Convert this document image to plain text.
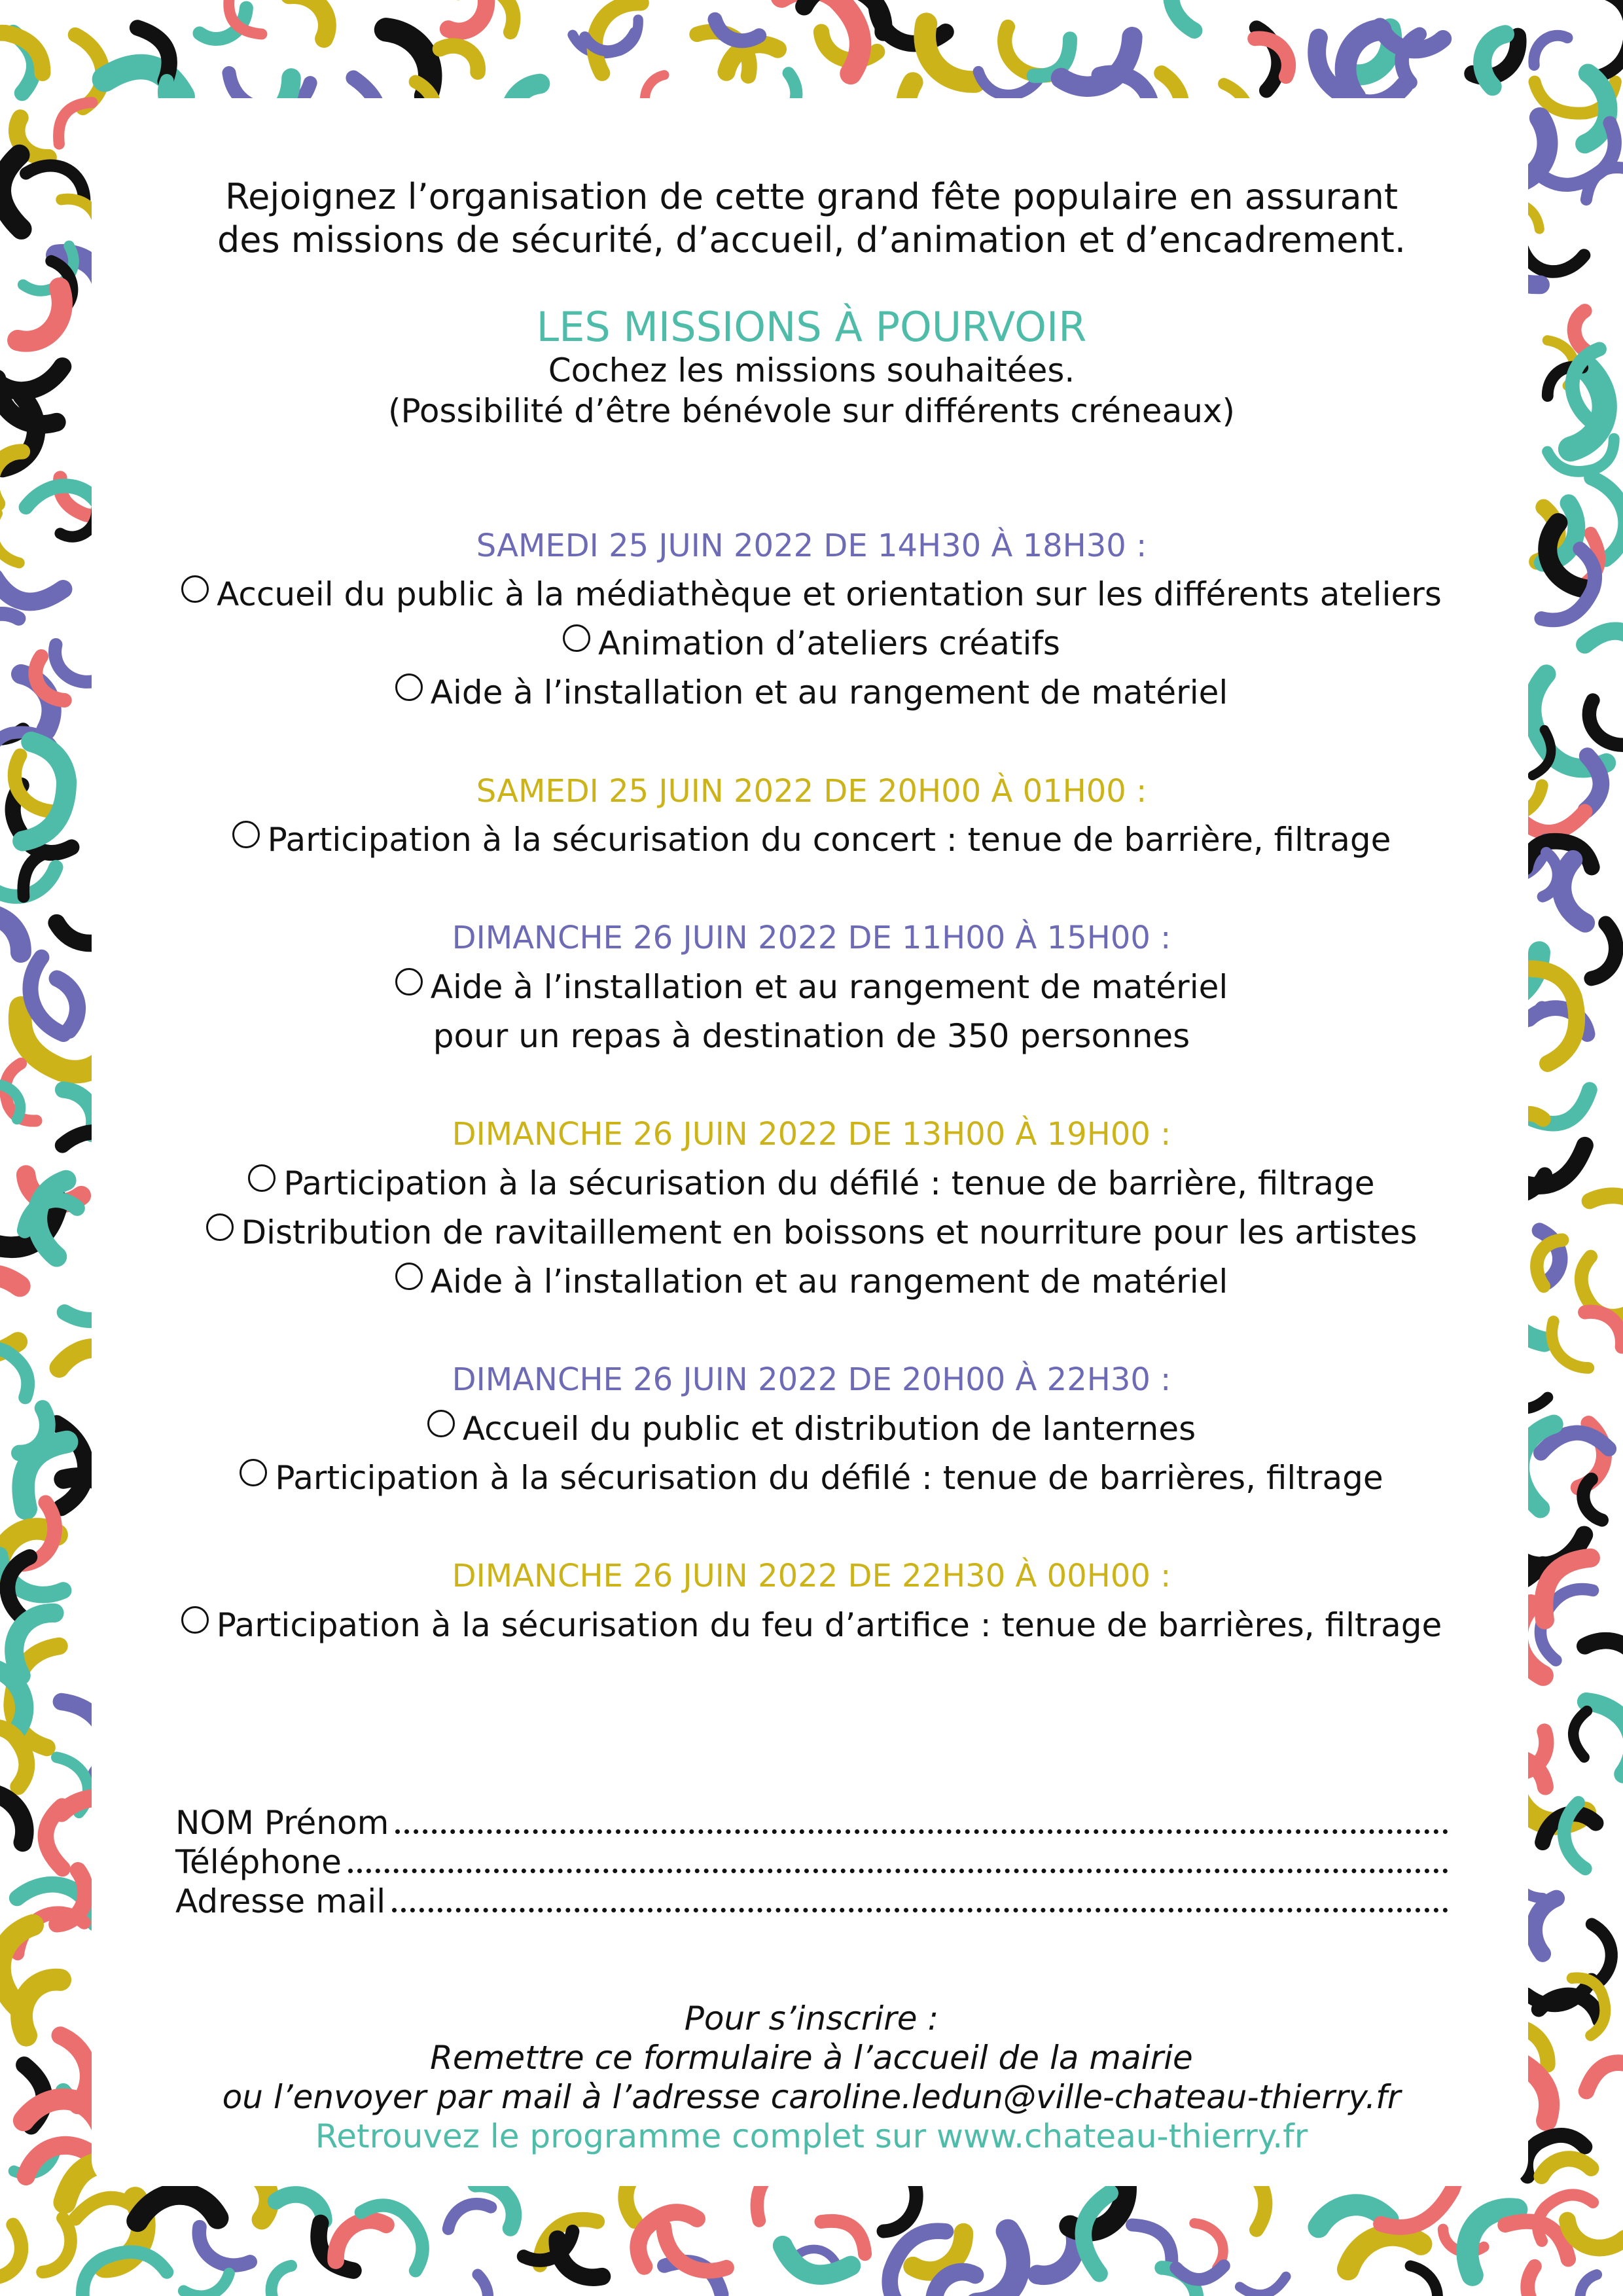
Rejoignez l’organisation de cette grand fête populaire en assurant
des missions de sécurité, d’accueil, d’animation et d’encadrement.
LES MISSIONS À POURVOIR
Cochez les missions souhaitées.
(Possibilité d’être bénévole sur différents créneaux)
SAMEDI 25 JUIN 2022 DE 14H30 À 18H30 :
Accueil du public à la médiathèque et orientation sur les différents ateliers
Animation d’ateliers créatifs
Aide à l’installation et au rangement de matériel
SAMEDI 25 JUIN 2022 DE 20H00 À 01H00 :
Participation à la sécurisation du concert : tenue de barrière, filtrage
DIMANCHE 26 JUIN 2022 DE 11H00 À 15H00 :
Aide à l’installation et au rangement de matériel
pour un repas à destination de 350 personnes
DIMANCHE 26 JUIN 2022 DE 13H00 À 19H00 :
Participation à la sécurisation du défilé : tenue de barrière, filtrage
Distribution de ravitaillement en boissons et nourriture pour les artistes
Aide à l’installation et au rangement de matériel
DIMANCHE 26 JUIN 2022 DE 20H00 À 22H30 :
Accueil du public et distribution de lanternes
Participation à la sécurisation du défilé : tenue de barrières, filtrage
DIMANCHE 26 JUIN 2022 DE 22H30 À 00H00 :
Participation à la sécurisation du feu d’artifice : tenue de barrières, filtrage
NOM Prénom
Téléphone
Adresse mail
Pour s’inscrire :
Remettre ce formulaire à l’accueil de la mairie
ou l’envoyer par mail à l’adresse caroline.ledun@ville-chateau-thierry.fr
Retrouvez le programme complet sur www.chateau-thierry.fr
